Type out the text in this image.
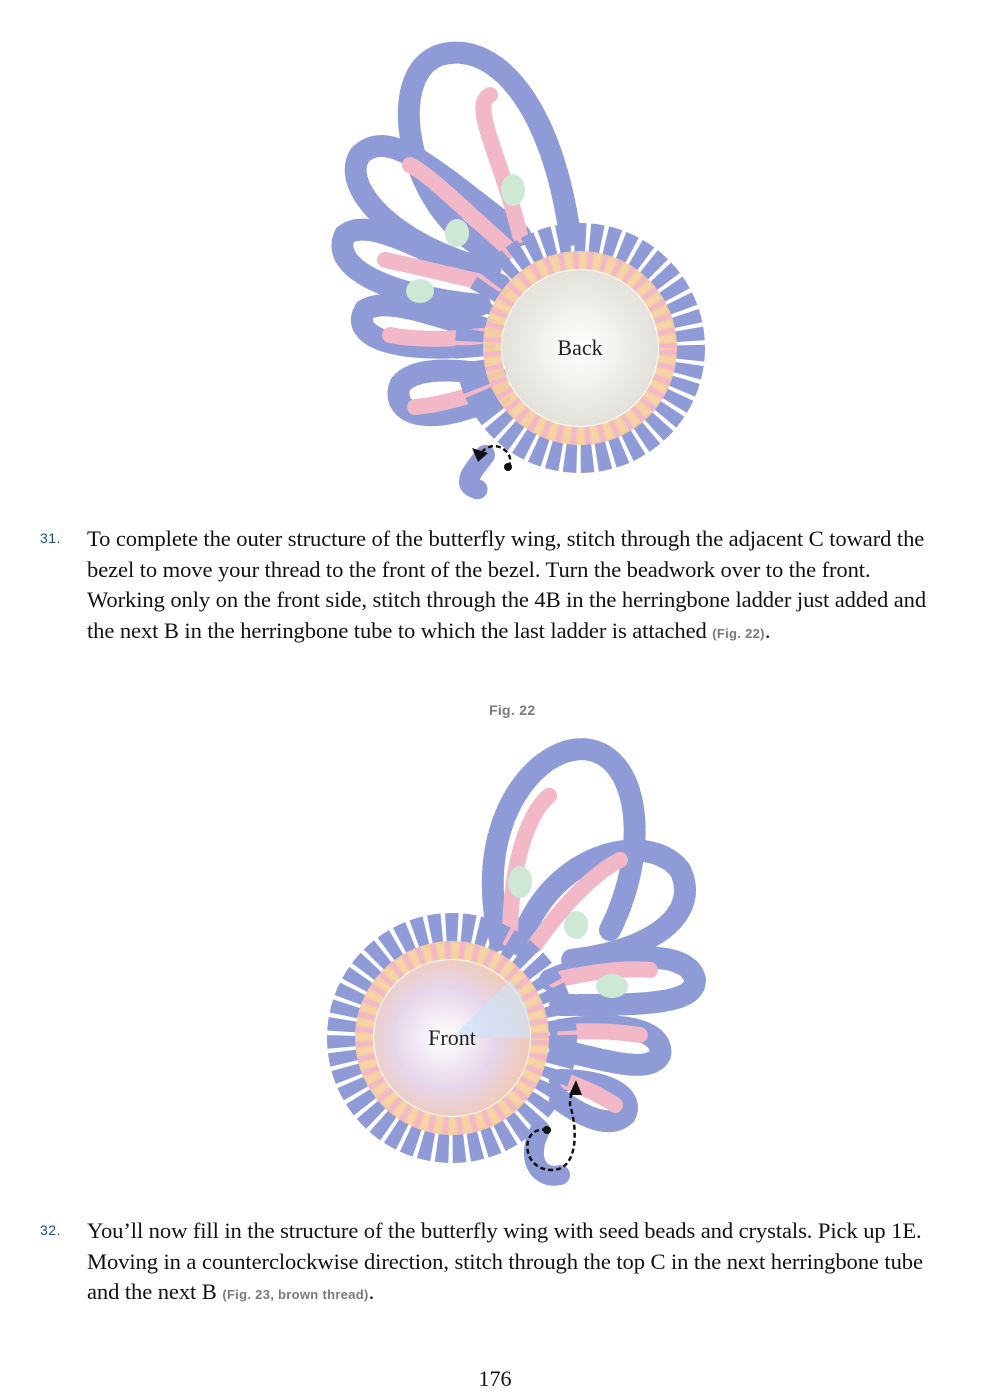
Back
31. To complete the outer structure of the butterfly wing, stitch through the adjacent C toward the bezel to move your thread to the front of the bezel. Turn the beadwork over to the front. Working only on the front side, stitch through the 4B in the herringbone ladder just added and the next B in the herringbone tube to which the last ladder is attached (Fig. 22).

Fig. 22
Front
32. You’ll now fill in the structure of the butterfly wing with seed beads and crystals. Pick up 1E. Moving in a counterclockwise direction, stitch through the top C in the next herringbone tube and the next B (Fig. 23, brown thread).

176
